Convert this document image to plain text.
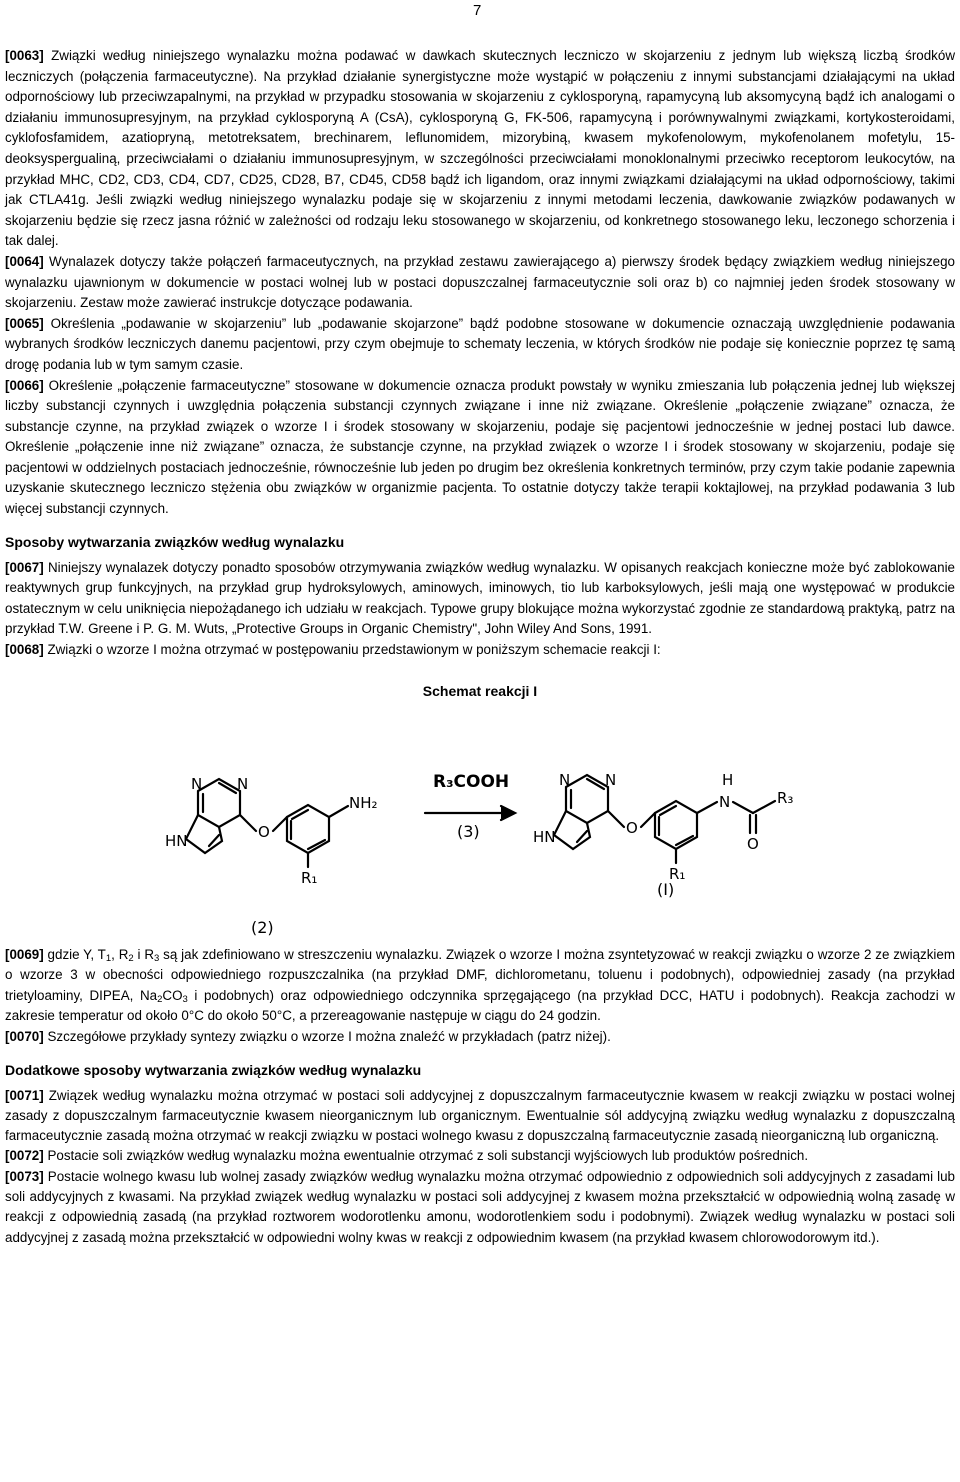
7

[0063] Związki według niniejszego wynalazku można podawać w dawkach skutecznych leczniczo w skojarzeniu z jednym lub większą liczbą środków leczniczych (połączenia farmaceutyczne). Na przykład działanie synergistyczne może wystąpić w połączeniu z innymi substancjami działającymi na układ odpornościowy lub przeciwzapalnymi, na przykład w przypadku stosowania w skojarzeniu z cyklosporyną, rapamycyną lub aksomycyną bądź ich analogami o działaniu immunosupresyjnym, na przykład cyklosporyną A (CsA), cyklosporyną G, FK-506, rapamycyną i porównywalnymi związkami, kortykosteroidami, cyklofosfamidem, azatiopryną, metotreksatem, brechinarem, leflunomidem, mizorybiną, kwasem mykofenolowym, mykofenolanem mofetylu, 15-deoksyspergualiną, przeciwciałami o działaniu immunosupresyjnym, w szczególności przeciwciałami monoklonalnymi przeciwko receptorom leukocytów, na przykład MHC, CD2, CD3, CD4, CD7, CD25, CD28, B7, CD45, CD58 bądź ich ligandom, oraz innymi związkami działającymi na układ odpornościowy, takimi jak CTLA41g. Jeśli związki według niniejszego wynalazku podaje się w skojarzeniu z innymi metodami leczenia, dawkowanie związków podawanych w skojarzeniu będzie się rzecz jasna różnić w zależności od rodzaju leku stosowanego w skojarzeniu, od konkretnego stosowanego leku, leczonego schorzenia i tak dalej.

[0064] Wynalazek dotyczy także połączeń farmaceutycznych, na przykład zestawu zawierającego a) pierwszy środek będący związkiem według niniejszego wynalazku ujawnionym w dokumencie w postaci wolnej lub w postaci dopuszczalnej farmaceutycznie soli oraz b) co najmniej jeden środek stosowany w skojarzeniu. Zestaw może zawierać instrukcje dotyczące podawania.

[0065] Określenia „podawanie w skojarzeniu” lub „podawanie skojarzone” bądź podobne stosowane w dokumencie oznaczają uwzględnienie podawania wybranych środków leczniczych danemu pacjentowi, przy czym obejmuje to schematy leczenia, w których środków nie podaje się koniecznie poprzez tę samą drogę podania lub w tym samym czasie.

[0066] Określenie „połączenie farmaceutyczne” stosowane w dokumencie oznacza produkt powstały w wyniku zmieszania lub połączenia jednej lub większej liczby substancji czynnych i uwzględnia połączenia substancji czynnych związane i inne niż związane. Określenie „połączenie związane” oznacza, że substancje czynne, na przykład związek o wzorze I i środek stosowany w skojarzeniu, podaje się pacjentowi jednocześnie w jednej postaci lub dawce. Określenie „połączenie inne niż związane” oznacza, że substancje czynne, na przykład związek o wzorze I i środek stosowany w skojarzeniu, podaje się pacjentowi w oddzielnych postaciach jednocześnie, równocześnie lub jeden po drugim bez określenia konkretnych terminów, przy czym takie podanie zapewnia uzyskanie skutecznego leczniczo stężenia obu związków w organizmie pacjenta. To ostatnie dotyczy także terapii koktajlowej, na przykład podawania 3 lub więcej substancji czynnych.

Sposoby wytwarzania związków według wynalazku

[0067] Niniejszy wynalazek dotyczy ponadto sposobów otrzymywania związków według wynalazku. W opisanych reakcjach konieczne może być zablokowanie reaktywnych grup funkcyjnych, na przykład grup hydroksylowych, aminowych, iminowych, tio lub karboksylowych, jeśli mają one występować w produkcie ostatecznym w celu uniknięcia niepożądanego ich udziału w reakcjach. Typowe grupy blokujące można wykorzystać zgodnie ze standardową praktyką, patrz na przykład T.W. Greene i P. G. M. Wuts, „Protective Groups in Organic Chemistry", John Wiley And Sons, 1991.

[0068] Związki o wzorze I można otrzymać w postępowaniu przedstawionym w poniższym schemacie reakcji I:

Schemat reakcji I
N N
HN	O
NH₂
R₁
(2)
R₃COOH
(3)
N N
HN	O
H
N	R₃
O
R₁
(I)

[0069] gdzie Y, $T_1$, $R_2$ i $R_3$ są jak zdefiniowano w streszczeniu wynalazku. Związek o wzorze I można zsyntetyzować w reakcji związku o wzorze 2 ze związkiem o wzorze 3 w obecności odpowiedniego rozpuszczalnika (na przykład DMF, dichlorometanu, toluenu i podobnych), odpowiedniej zasady (na przykład trietyloaminy, DIPEA, $Na_2CO_3$ i podobnych) oraz odpowiedniego odczynnika sprzęgającego (na przykład DCC, HATU i podobnych). Reakcja zachodzi w zakresie temperatur od około 0°C do około 50°C, a przereagowanie następuje w ciągu do 24 godzin.

[0070] Szczegółowe przykłady syntezy związku o wzorze I można znaleźć w przykładach (patrz niżej).

Dodatkowe sposoby wytwarzania związków według wynalazku

[0071] Związek według wynalazku można otrzymać w postaci soli addycyjnej z dopuszczalnym farmaceutycznie kwasem w reakcji związku w postaci wolnej zasady z dopuszczalnym farmaceutycznie kwasem nieorganicznym lub organicznym. Ewentualnie sól addycyjną związku według wynalazku z dopuszczalną farmaceutycznie zasadą można otrzymać w reakcji związku w postaci wolnego kwasu z dopuszczalną farmaceutycznie zasadą nieorganiczną lub organiczną.

[0072] Postacie soli związków według wynalazku można ewentualnie otrzymać z soli substancji wyjściowych lub produktów pośrednich.

[0073] Postacie wolnego kwasu lub wolnej zasady związków według wynalazku można otrzymać odpowiednio z odpowiednich soli addycyjnych z zasadami lub soli addycyjnych z kwasami. Na przykład związek według wynalazku w postaci soli addycyjnej z kwasem można przekształcić w odpowiednią wolną zasadę w reakcji z odpowiednią zasadą (na przykład roztworem wodorotlenku amonu, wodorotlenkiem sodu i podobnymi). Związek według wynalazku w postaci soli addycyjnej z zasadą można przekształcić w odpowiedni wolny kwas w reakcji z odpowiednim kwasem (na przykład kwasem chlorowodorowym itd.).
